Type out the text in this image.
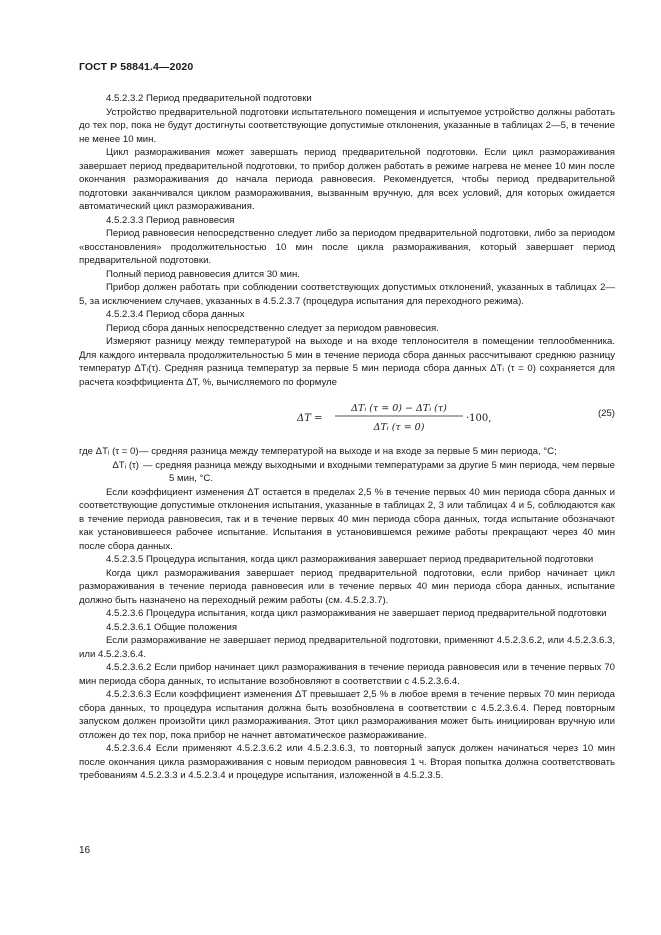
ГОСТ Р 58841.4—2020

4.5.2.3.2 Период предварительной подготовки

Устройство предварительной подготовки испытательного помещения и испытуемое устройство должны работать до тех пор, пока не будут достигнуты соответствующие допустимые отклонения, указанные в таблицах 2—5, в течение не менее 10 мин.

Цикл размораживания может завершать период предварительной подготовки. Если цикл размораживания завершает период предварительной подготовки, то прибор должен работать в режиме нагрева не менее 10 мин после окончания размораживания до начала периода равновесия. Рекомендуется, чтобы период предварительной подготовки заканчивался циклом размораживания, вызванным вручную, для всех условий, для которых ожидается автоматический цикл размораживания.

4.5.2.3.3 Период равновесия

Период равновесия непосредственно следует либо за периодом предварительной подготовки, либо за периодом «восстановления» продолжительностью 10 мин после цикла размораживания, который завершает период предварительной подготовки.

Полный период равновесия длится 30 мин.

Прибор должен работать при соблюдении соответствующих допустимых отклонений, указанных в таблицах 2—5, за исключением случаев, указанных в 4.5.2.3.7 (процедура испытания для переходного режима).

4.5.2.3.4 Период сбора данных

Период сбора данных непосредственно следует за периодом равновесия.

Измеряют разницу между температурой на выходе и на входе теплоносителя в помещении теплообменника. Для каждого интервала продолжительностью 5 мин в течение периода сбора данных рассчитывают среднюю разницу температур ΔTᵢ(τ). Средняя разница температур за первые 5 мин периода сбора данных ΔTᵢ (τ = 0) сохраняется для расчета коэффициента ΔT, %, вычисляемого по формуле

ΔT =
ΔTᵢ (τ = 0) − ΔTᵢ (τ)
ΔTᵢ (τ = 0)
·100,	(25)
где ΔTᵢ (τ = 0) — средняя разница между температурой на выходе и на входе за первые 5 мин периода, °С;
ΔTᵢ (τ) — средняя разница между выходными и входными температурами за другие 5 мин периода, чем первые 5 мин, °С.

Если коэффициент изменения ΔT остается в пределах 2,5 % в течение первых 40 мин периода сбора данных и соответствующие допустимые отклонения испытания, указанные в таблицах 2, 3 или таблицах 4 и 5, соблюдаются как в течение периода равновесия, так и в течение первых 40 мин периода сбора данных, тогда испытание обозначают как установившееся рабочее испытание. Испытания в установившемся режиме работы прекращают через 40 мин после сбора данных.

4.5.2.3.5 Процедура испытания, когда цикл размораживания завершает период предварительной подготовки

Когда цикл размораживания завершает период предварительной подготовки, если прибор начинает цикл размораживания в течение периода равновесия или в течение первых 40 мин периода сбора данных, испытание должно быть назначено на переходный режим работы (см. 4.5.2.3.7).

4.5.2.3.6 Процедура испытания, когда цикл размораживания не завершает период предварительной подготовки

4.5.2.3.6.1 Общие положения

Если размораживание не завершает период предварительной подготовки, применяют 4.5.2.3.6.2, или 4.5.2.3.6.3, или 4.5.2.3.6.4.

4.5.2.3.6.2 Если прибор начинает цикл размораживания в течение периода равновесия или в течение первых 70 мин периода сбора данных, то испытание возобновляют в соответствии с 4.5.2.3.6.4.

4.5.2.3.6.3 Если коэффициент изменения ΔT превышает 2,5 % в любое время в течение первых 70 мин периода сбора данных, то процедура испытания должна быть возобновлена в соответствии с 4.5.2.3.6.4. Перед повторным запуском должен произойти цикл размораживания. Этот цикл размораживания может быть инициирован вручную или отложен до тех пор, пока прибор не начнет автоматическое размораживание.

4.5.2.3.6.4 Если применяют 4.5.2.3.6.2 или 4.5.2.3.6.3, то повторный запуск должен начинаться через 10 мин после окончания цикла размораживания с новым периодом равновесия 1 ч. Вторая попытка должна соответствовать требованиям 4.5.2.3.3 и 4.5.2.3.4 и процедуре испытания, изложенной в 4.5.2.3.5.

16
